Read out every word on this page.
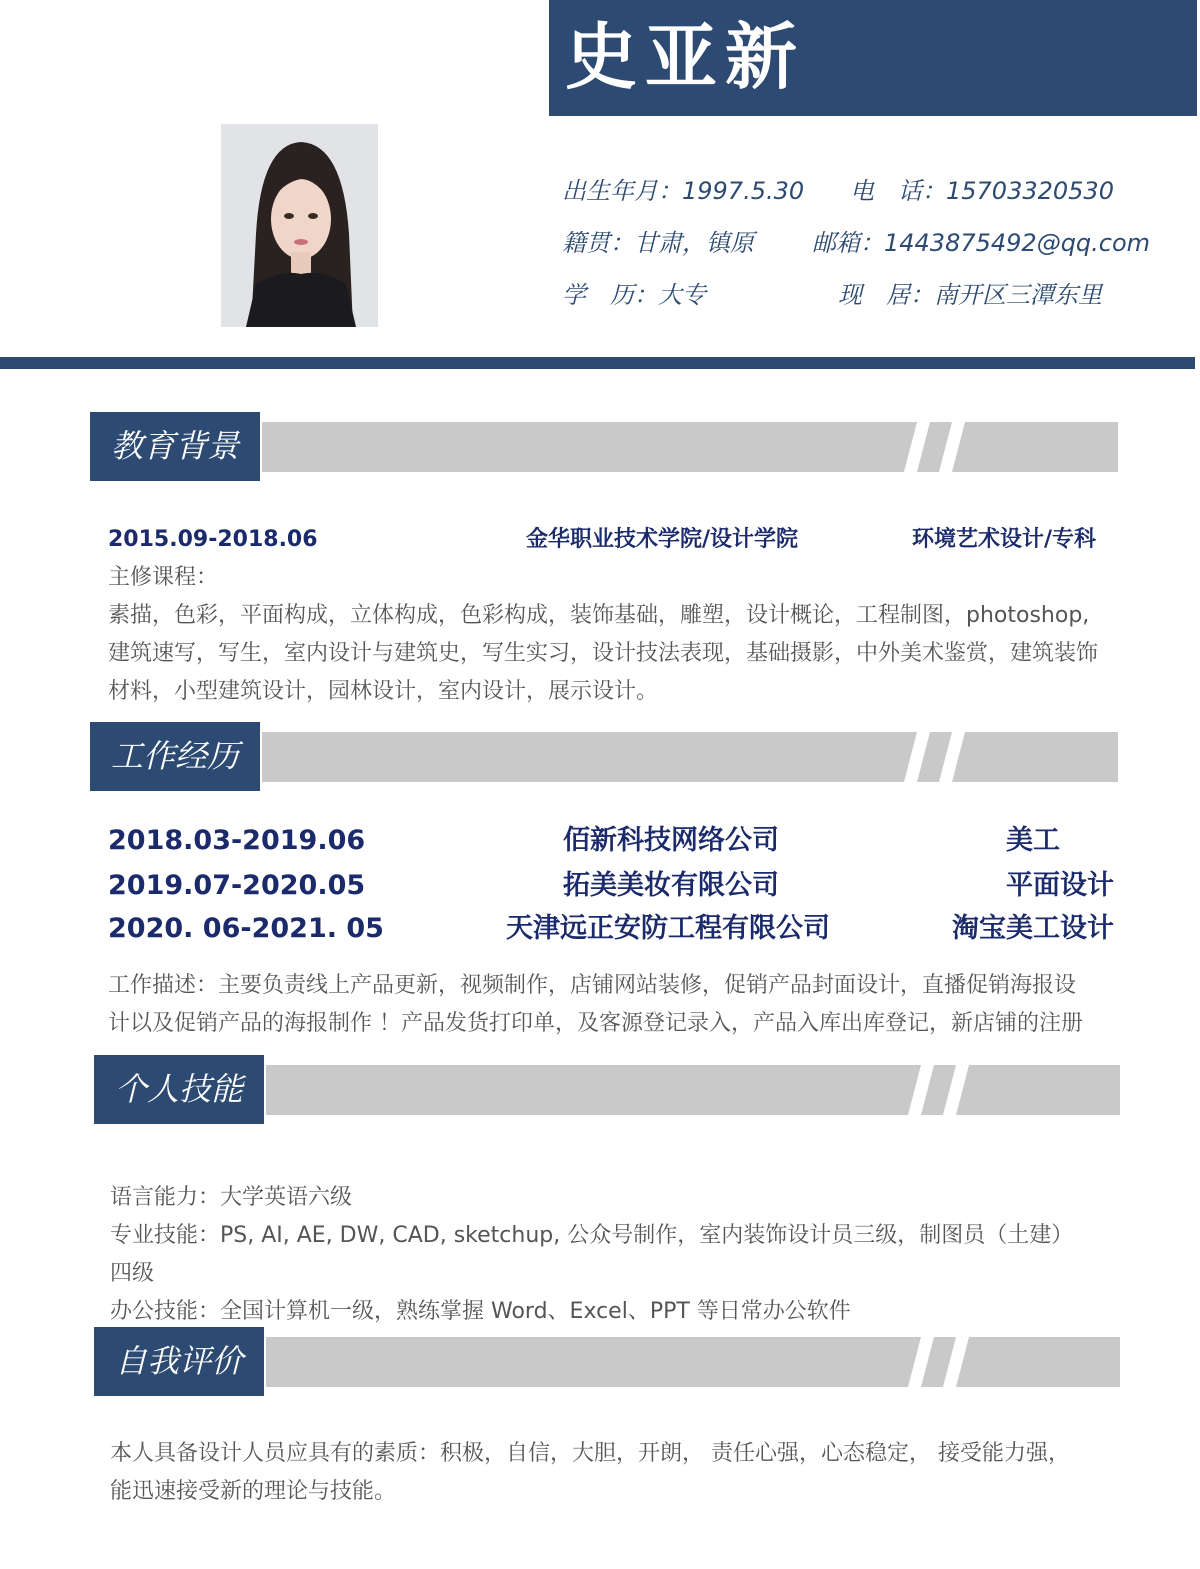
史亚新
出生年月：1997.5.30 电　话：15703320530
籍贯：甘肃，镇原 邮箱：1443875492@qq.com
学　历：大专	现　居：南开区三潭东里
教育背景
2015.09-2018.06	金华职业技术学院/设计学院	环境艺术设计/专科
主修课程：
素描，色彩，平面构成，立体构成，色彩构成，装饰基础，雕塑，设计概论，工程制图，photoshop,
建筑速写，写生，室内设计与建筑史，写生实习，设计技法表现，基础摄影，中外美术鉴赏，建筑装饰
材料，小型建筑设计，园林设计，室内设计，展示设计。
工作经历
2018.03-2019.06	佰新科技网络公司	美工
2019.07-2020.05	拓美美妆有限公司	平面设计
2020. 06-2021. 05	天津远正安防工程有限公司	淘宝美工设计
工作描述：主要负责线上产品更新，视频制作，店铺网站装修，促销产品封面设计，直播促销海报设
计以及促销产品的海报制作 ！产品发货打印单，及客源登记录入，产品入库出库登记，新店铺的注册
个人技能
语言能力：大学英语六级
专业技能：PS, AI, AE, DW, CAD, sketchup, 公众号制作，室内装饰设计员三级，制图员（土建）
四级
办公技能：全国计算机一级，熟练掌握 Word、Excel、PPT 等日常办公软件
自我评价
本人具备设计人员应具有的素质：积极，自信，大胆，开朗， 责任心强，心态稳定， 接受能力强，
能迅速接受新的理论与技能。
